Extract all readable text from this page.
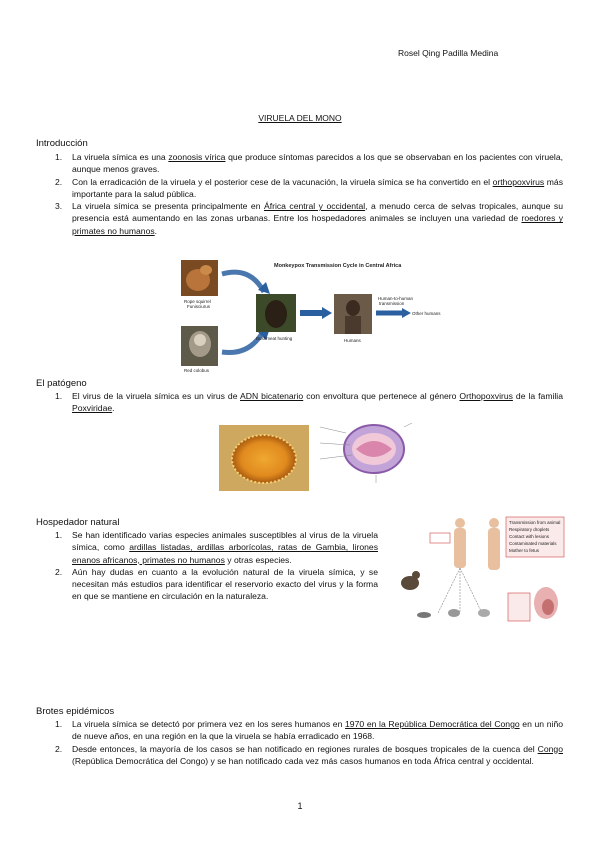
Rosel Qing Padilla Medina
VIRUELA DEL MONO
Introducción
1. La viruela símica es una zoonosis vírica que produce síntomas parecidos a los que se observaban en los pacientes con viruela, aunque menos graves.
2. Con la erradicación de la viruela y el posterior cese de la vacunación, la viruela símica se ha convertido en el orthopoxvirus más importante para la salud pública.
3. La viruela símica se presenta principalmente en África central y occidental, a menudo cerca de selvas tropicales, aunque su presencia está aumentando en las zonas urbanas. Entre los hospedadores animales se incluyen una variedad de roedores y primates no humanos.
Monkeypox Transmission Cycle in Central Africa
Rope squirrel
Funisciurus
Red colobus
Bushmeat hunting	Humans
Human-to-human
transmission
Other humans
El patógeno
1. El virus de la viruela símica es un virus de ADN bicatenario con envoltura que pertenece al género Orthopoxvirus de la familia Poxviridae.
Hospedador natural
1. Se han identificado varias especies animales susceptibles al virus de la viruela símica, como ardillas listadas, ardillas arborícolas, ratas de Gambia, lirones enanos africanos, primates no humanos y otras especies.
2. Aún hay dudas en cuanto a la evolución natural de la viruela símica, y se necesitan más estudios para identificar el reservorio exacto del virus y la forma en que se mantiene en circulación en la naturaleza.
Transmission from animal
Respiratory droplets
Contact with lesions
Contaminated materials
Mother to fetus
Brotes epidémicos
1. La viruela símica se detectó por primera vez en los seres humanos en 1970 en la República Democrática del Congo en un niño de nueve años, en una región en la que la viruela se había erradicado en 1968.
2. Desde entonces, la mayoría de los casos se han notificado en regiones rurales de bosques tropicales de la cuenca del Congo (República Democrática del Congo) y se han notificado cada vez más casos humanos en toda África central y occidental.
1
